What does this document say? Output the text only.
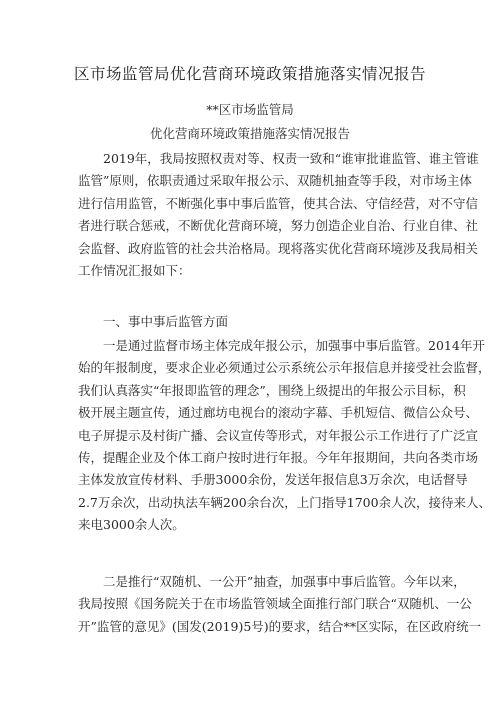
区市场监管局优化营商环境政策措施落实情况报告
**区市场监管局
优化营商环境政策措施落实情况报告
2019年，我局按照权责对等、权责一致和“谁审批谁监管、谁主管谁
监管”原则，依职责通过采取年报公示、双随机抽查等手段，对市场主体
进行信用监管，不断强化事中事后监管，使其合法、守信经营，对不守信
者进行联合惩戒，不断优化营商环境，努力创造企业自治、行业自律、社
会监督、政府监管的社会共治格局。现将落实优化营商环境涉及我局相关
工作情况汇报如下：
一、事中事后监管方面
一是通过监督市场主体完成年报公示，加强事中事后监管。2014年开
始的年报制度，要求企业必须通过公示系统公示年报信息并接受社会监督，
我们认真落实“年报即监管的理念”，围绕上级提出的年报公示目标，积
极开展主题宣传，通过廊坊电视台的滚动字幕、手机短信、微信公众号、
电子屏提示及村街广播、会议宣传等形式，对年报公示工作进行了广泛宣
传，提醒企业及个体工商户按时进行年报。今年年报期间，共向各类市场
主体发放宣传材料、手册3000余份，发送年报信息3万余次，电话督导
2.7万余次，出动执法车辆200余台次，上门指导1700余人次，接待来人、
来电3000余人次。
二是推行“双随机、一公开”抽查，加强事中事后监管。今年以来，
我局按照《国务院关于在市场监管领域全面推行部门联合“双随机、一公
开”监管的意见》(国发(2019)5号)的要求，结合**区实际，在区政府统一
